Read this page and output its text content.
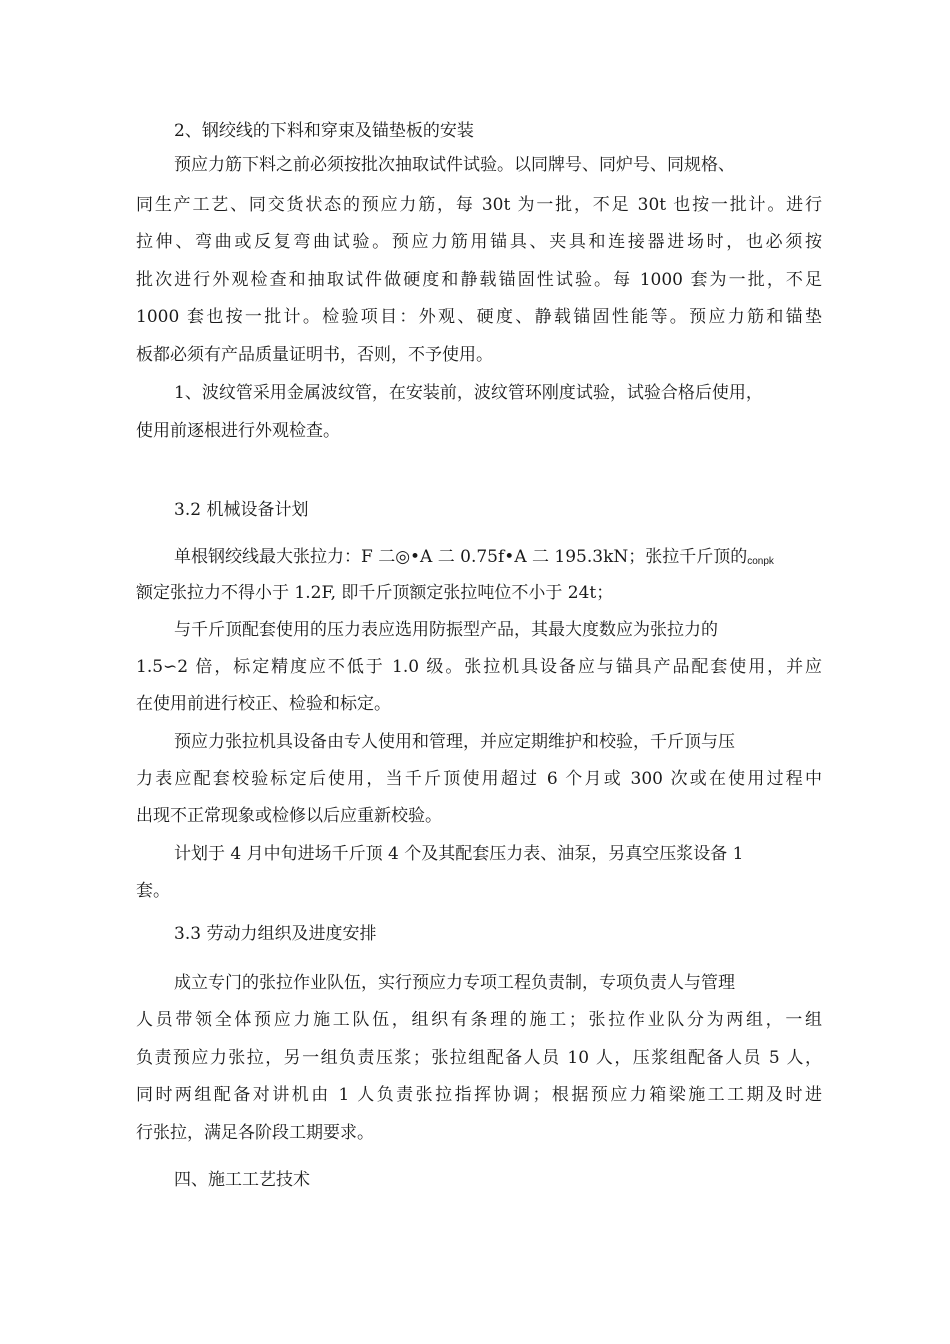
2、钢绞线的下料和穿束及锚垫板的安装

预应力筋下料之前必须按批次抽取试件试验。以同牌号、同炉号、同规格、

同生产工艺、同交货状态的预应力筋，每 30t 为一批，不足 30t 也按一批计。进行

拉伸、弯曲或反复弯曲试验。预应力筋用锚具、夹具和连接器进场时，也必须按

批次进行外观检查和抽取试件做硬度和静载锚固性试验。每 1000 套为一批，不足

1000 套也按一批计。检验项目：外观、硬度、静载锚固性能等。预应力筋和锚垫

板都必须有产品质量证明书，否则，不予使用。

1、波纹管采用金属波纹管，在安装前，波纹管环刚度试验，试验合格后使用，

使用前逐根进行外观检查。

3.2 机械设备计划

单根钢绞线最大张拉力：F 二◎•A 二 0.75f•A 二 195.3kN；张拉千斤顶的$_{conpk}$

额定张拉力不得小于 1.2F, 即千斤顶额定张拉吨位不小于 24t；

与千斤顶配套使用的压力表应选用防振型产品，其最大度数应为张拉力的

1.5∽2 倍，标定精度应不低于 1.0 级。张拉机具设备应与锚具产品配套使用，并应

在使用前进行校正、检验和标定。

预应力张拉机具设备由专人使用和管理，并应定期维护和校验，千斤顶与压

力表应配套校验标定后使用，当千斤顶使用超过 6 个月或 300 次或在使用过程中

出现不正常现象或检修以后应重新校验。

计划于 4 月中旬进场千斤顶 4 个及其配套压力表、油泵，另真空压浆设备 1

套。

3.3 劳动力组织及进度安排

成立专门的张拉作业队伍，实行预应力专项工程负责制，专项负责人与管理

人员带领全体预应力施工队伍，组织有条理的施工；张拉作业队分为两组，一组

负责预应力张拉，另一组负责压浆；张拉组配备人员 10 人，压浆组配备人员 5 人，

同时两组配备对讲机由 1 人负责张拉指挥协调；根据预应力箱梁施工工期及时进

行张拉，满足各阶段工期要求。

四、施工工艺技术
